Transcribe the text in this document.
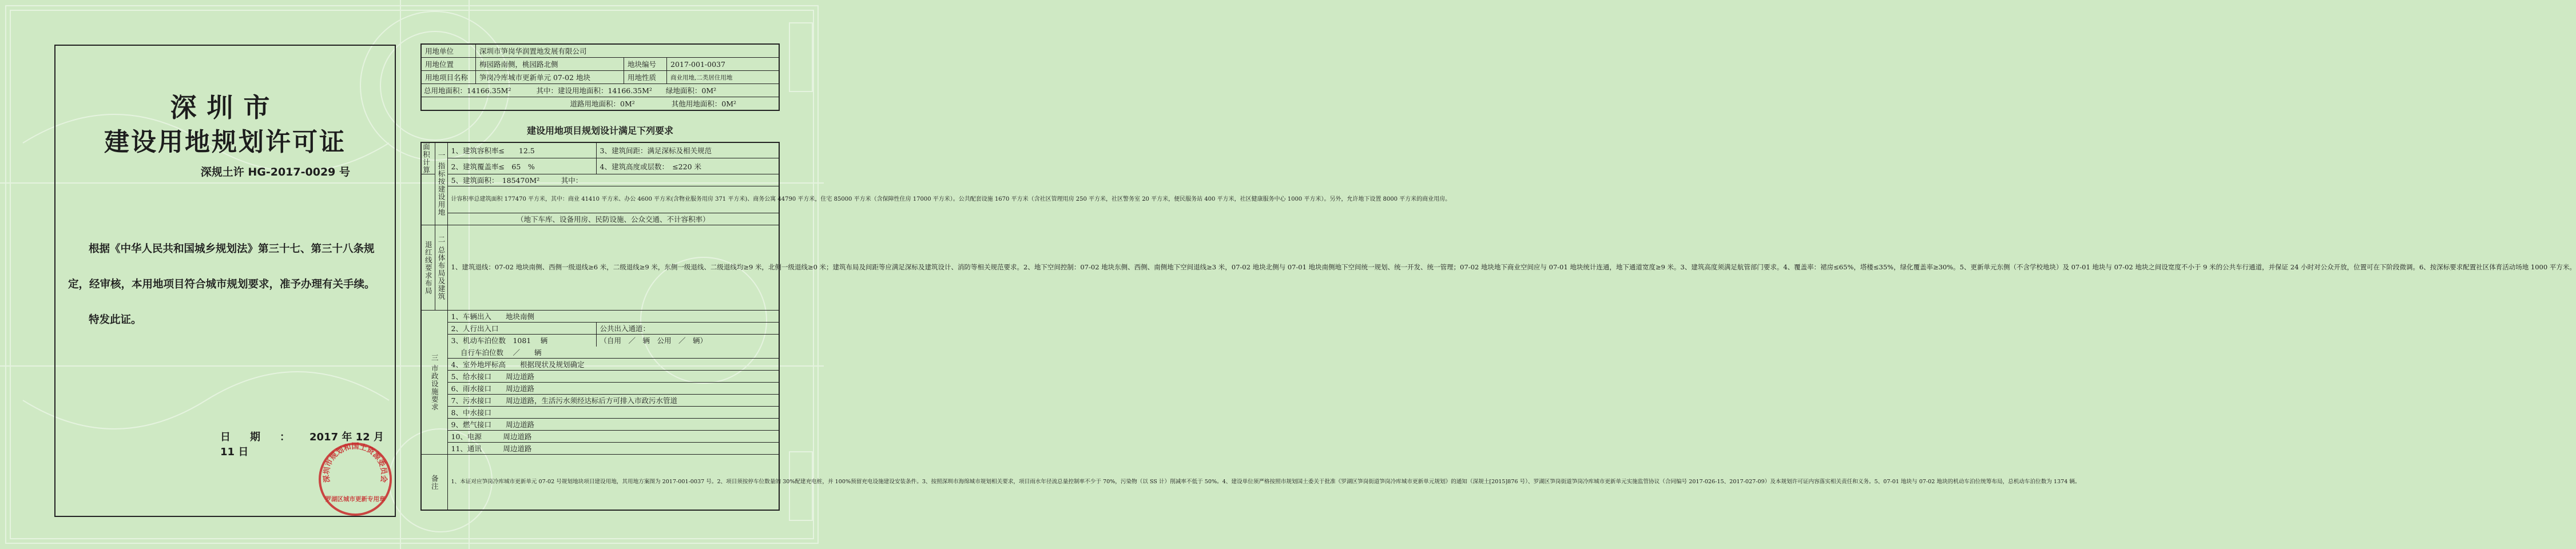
深圳市
建设用地规划许可证
深规土许 HG-2017-0029 号

根据《中华人民共和国城乡规划法》第三十七、第三十八条规

定，经审核，本用地项目符合城市规划要求，准予办理有关手续。

特发此证。

日期：2017 年 12 月 11 日
深圳市规划和国土资源委员会
罗湖区城市更新专用章
用地单位	深圳市笋岗华润置地发展有限公司		
用地位置	梅园路南侧，桃园路北侧	地块编号	2017-001-0037
用地项目名称	笋岗冷库城市更新单元 07-02 地块	用地性质	商业用地,二类居住用地
总用地面积：14166.35M² 其中：建设用地面积：14166.35M² 绿地面积：0M²			
道路用地面积：0M² 其他用地面积：0M²			
建设用地项目规划设计满足下列要求
面积计算	一 指标按建设用地	1、建筑容积率≤　　12.5	3、建筑间距：满足深标及相关规范
		2、建筑覆盖率≤　65　%	4、建筑高度或层数：　≤220 米
		5、建筑面积：　185470M²　　　其中：	
		计容积率总建筑面积 177470 平方米，其中：商业 41410 平方米、办公 4600 平方米(含物业服务用房 371 平方米)、商务公寓 44790 平方米，住宅 85000 平方米（含保障性住房 17000 平方米）。公共配套设施 1670 平方米（含社区管理用房 250 平方米，社区警务室 20 平方米，便民服务站 400 平方米，社区健康服务中心 1000 平方米）。另外，允许地下设置 8000 平方米的商业用房。	
		（地下车库、设备用房、民防设施、公众交通、不计容积率）	
退红线要求布局	二 总体布局及建筑	1、建筑退线：07-02 地块南侧、西侧一级退线≥6 米，二级退线≥9 米，东侧一级退线、二级退线均≥9 米，北侧一级退线≥0 米；建筑布局及间距等应满足深标及建筑设计、消防等相关规范要求。2、地下空间控制：07-02 地块东侧、西侧、南侧地下空间退线≥3 米，07-02 地块北侧与 07-01 地块南侧地下空间统一规划、统一开发、统一管理；07-02 地块地下商业空间应与 07-01 地块统计连通，地下通道宽度≥9 米。3、建筑高度须满足航管部门要求。4、覆盖率：裙房≤65%，塔楼≤35%，绿化覆盖率≥30%。5、更新单元东侧（不含学校地块）及 07-01 地块与 07-02 地块之间设宽度不小于 9 米的公共车行通道，并保证 24 小时对公众开放，位置可在下阶段微调。6、按深标要求配置社区体育活动场地 1000 平方米。	
三 市政设施要求		1、车辆出入　　地块南侧	
		2、人行出入口	公共出入通道：
		3、机动车泊位数　1081　 辆	（自用　／　辆　公用　／　辆）
		　 自行车泊位数　 ／　　辆	
		4、室外地坪标高　　根据现状及规划确定	
		5、给水接口　　周边道路	
		6、雨水接口　　周边道路	
		7、污水接口　　周边道路，生活污水须经达标后方可排入市政污水管道	
		8、中水接口	
		9、燃气接口　　周边道路	
		10、电源　　　周边道路	
		11、通讯　　　周边道路	
备注		1、本证对应笋岗冷库城市更新单元 07-02 号规划地块项目建设用地，其用地方案图为 2017-001-0037 号。2、项目须按停车位数量的 30%配建充电桩，并 100%预留充电设施建设安装条件。3、按照深圳市海绵城市规划相关要求，项目雨水年径流总量控制率不少于 70%，污染物（以 SS 计）削减率不低于 50%。4、建设单位须严格按照市规划国土委关于批准《罗湖区笋岗街道笋岗冷库城市更新单元规划》的通知（深规土[2015]876 号）、罗湖区笋岗街道笋岗冷库城市更新单元实施监管协议（合同编号 2017-026-15、2017-027-09）及本规划许可证内容落实相关责任和义务。5、07-01 地块与 07-02 地块的机动车泊位统筹布局，总机动车泊位数为 1374 辆。	
